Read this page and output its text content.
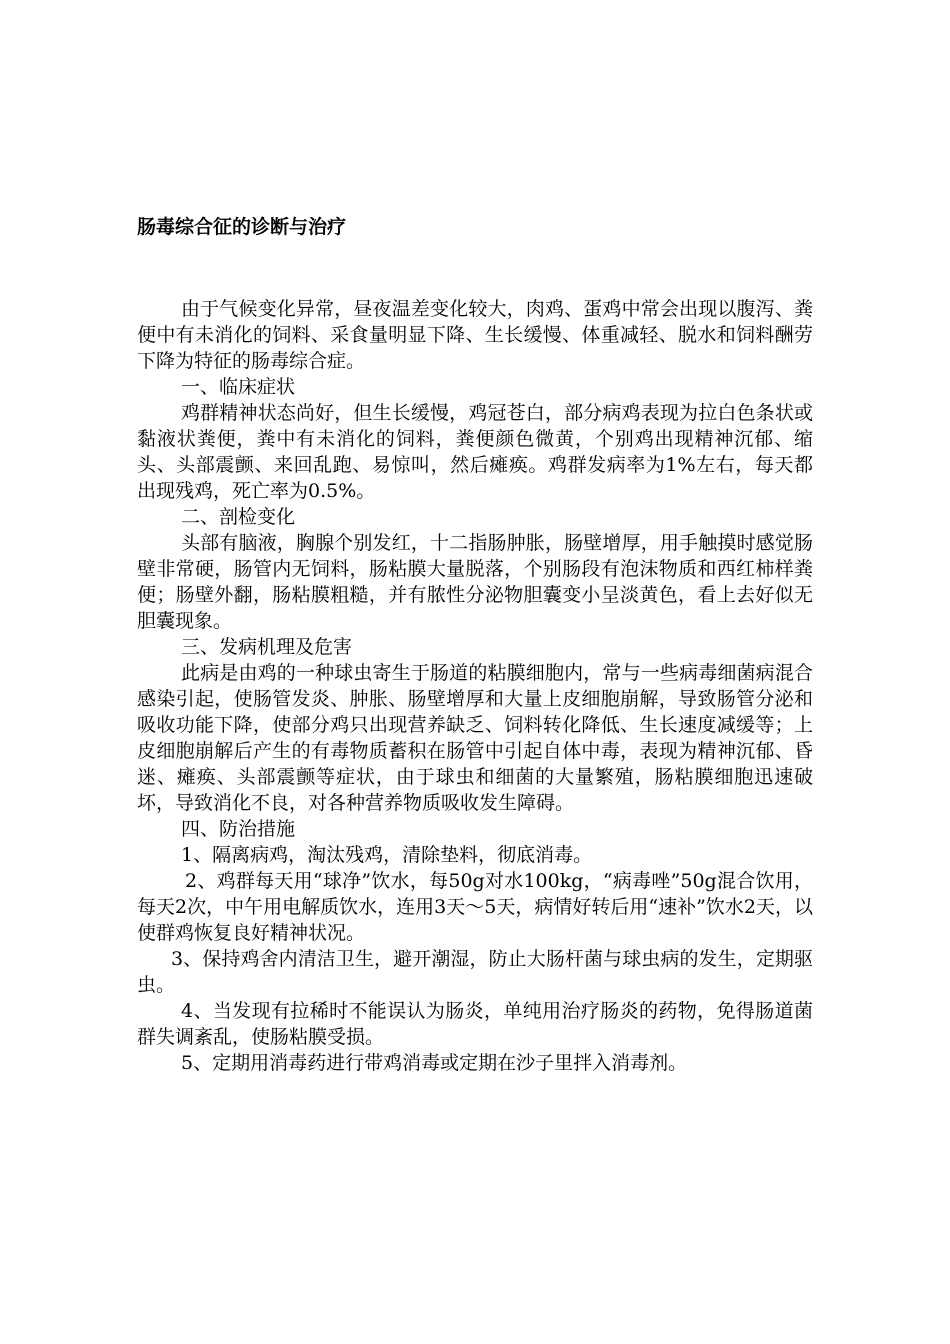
肠毒综合征的诊断与治疗

由于气候变化异常，昼夜温差变化较大，肉鸡、蛋鸡中常会出现以腹泻、粪便中有未消化的饲料、采食量明显下降、生长缓慢、体重减轻、脱水和饲料酬劳下降为特征的肠毒综合症。

一、临床症状

鸡群精神状态尚好，但生长缓慢，鸡冠苍白，部分病鸡表现为拉白色条状或黏液状粪便，粪中有未消化的饲料，粪便颜色微黄，个别鸡出现精神沉郁、缩头、头部震颤、来回乱跑、易惊叫，然后瘫痪。鸡群发病率为1%左右，每天都出现残鸡，死亡率为0.5%。

二、剖检变化

头部有脑液，胸腺个别发红，十二指肠肿胀，肠壁增厚，用手触摸时感觉肠壁非常硬，肠管内无饲料，肠粘膜大量脱落，个别肠段有泡沫物质和西红柿样粪便；肠壁外翻，肠粘膜粗糙，并有脓性分泌物胆囊变小呈淡黄色，看上去好似无胆囊现象。

三、发病机理及危害

此病是由鸡的一种球虫寄生于肠道的粘膜细胞内，常与一些病毒细菌病混合感染引起，使肠管发炎、肿胀、肠壁增厚和大量上皮细胞崩解，导致肠管分泌和吸收功能下降，使部分鸡只出现营养缺乏、饲料转化降低、生长速度减缓等；上皮细胞崩解后产生的有毒物质蓄积在肠管中引起自体中毒，表现为精神沉郁、昏迷、瘫痪、头部震颤等症状，由于球虫和细菌的大量繁殖，肠粘膜细胞迅速破坏，导致消化不良，对各种营养物质吸收发生障碍。

四、防治措施

1、隔离病鸡，淘汰残鸡，清除垫料，彻底消毒。

2、鸡群每天用“球净”饮水，每50g对水100kg，“病毒唑”50g混合饮用，每天2次，中午用电解质饮水，连用3天～5天，病情好转后用“速补”饮水2天，以使群鸡恢复良好精神状况。

3、保持鸡舍内清洁卫生，避开潮湿，防止大肠杆菌与球虫病的发生，定期驱虫。

4、当发现有拉稀时不能误认为肠炎，单纯用治疗肠炎的药物，免得肠道菌群失调紊乱，使肠粘膜受损。

5、定期用消毒药进行带鸡消毒或定期在沙子里拌入消毒剂。
